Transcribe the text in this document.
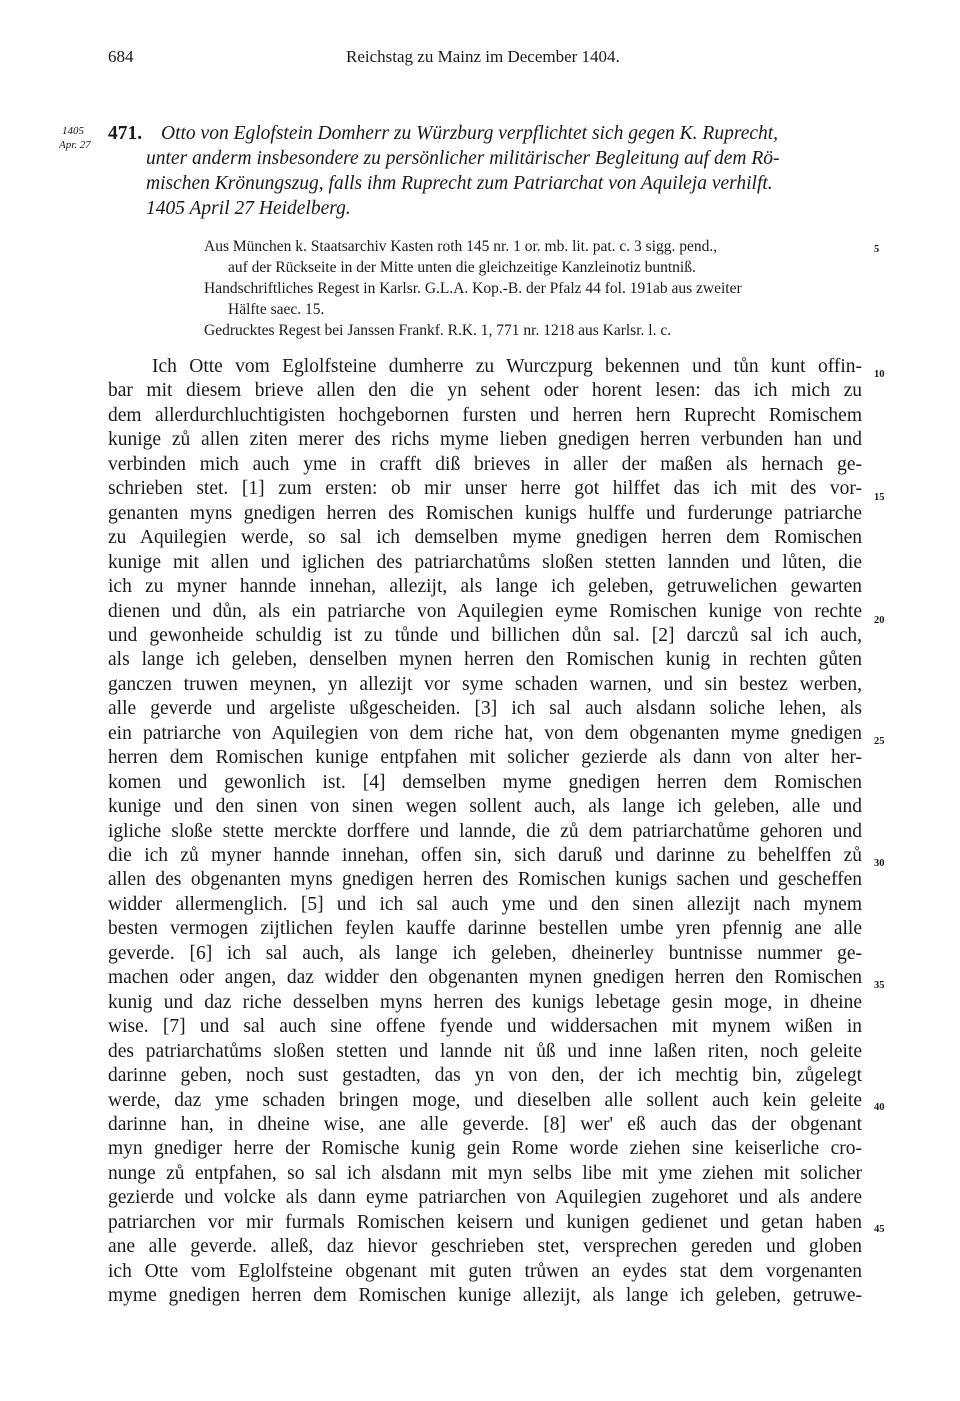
684	Reichstag zu Mainz im December 1404.
1405
Apr. 27
471. Otto von Eglofstein Domherr zu Würzburg verpflichtet sich gegen K. Ruprecht,
unter anderm insbesondere zu persönlicher militärischer Begleitung auf dem Rö-
mischen Krönungszug, falls ihm Ruprecht zum Patriarchat von Aquileja verhilft.
1405 April 27 Heidelberg.
Aus München k. Staatsarchiv Kasten roth 145 nr. 1 or. mb. lit. pat. c. 3 sigg. pend.,
auf der Rückseite in der Mitte unten die gleichzeitige Kanzleinotiz buntniß.
Handschriftliches Regest in Karlsr. G.L.A. Kop.-B. der Pfalz 44 fol. 191ab aus zweiter
Hälfte saec. 15.
Gedrucktes Regest bei Janssen Frankf. R.K. 1, 771 nr. 1218 aus Karlsr. l. c.
Ich Otte vom Eglolfsteine dumherre zu Wurczpurg bekennen und tůn kunt offin-
bar mit diesem brieve allen den die yn sehent oder horent lesen: das ich mich zu
dem allerdurchluchtigisten hochgebornen fursten und herren hern Ruprecht Romischem
kunige zů allen ziten merer des richs myme lieben gnedigen herren verbunden han und
verbinden mich auch yme in crafft diß brieves in aller der maßen als hernach ge-
schrieben stet. [1] zum ersten: ob mir unser herre got hilffet das ich mit des vor-
genanten myns gnedigen herren des Romischen kunigs hulffe und furderunge patriarche
zu Aquilegien werde, so sal ich demselben myme gnedigen herren dem Romischen
kunige mit allen und iglichen des patriarchatůms sloßen stetten lannden und lůten, die
ich zu myner hannde innehan, allezijt, als lange ich geleben, getruwelichen gewarten
dienen und důn, als ein patriarche von Aquilegien eyme Romischen kunige von rechte
und gewonheide schuldig ist zu tůnde und billichen důn sal. [2] darczů sal ich auch,
als lange ich geleben, denselben mynen herren den Romischen kunig in rechten gůten
ganczen truwen meynen, yn allezijt vor syme schaden warnen, und sin bestez werben,
alle geverde und argeliste ußgescheiden. [3] ich sal auch alsdann soliche lehen, als
ein patriarche von Aquilegien von dem riche hat, von dem obgenanten myme gnedigen
herren dem Romischen kunige entpfahen mit solicher gezierde als dann von alter her-
komen und gewonlich ist. [4] demselben myme gnedigen herren dem Romischen
kunige und den sinen von sinen wegen sollent auch, als lange ich geleben, alle und
igliche sloße stette merckte dorffere und lannde, die zů dem patriarchatůme gehoren und
die ich zů myner hannde innehan, offen sin, sich daruß und darinne zu behelffen zů
allen des obgenanten myns gnedigen herren des Romischen kunigs sachen und gescheffen
widder allermenglich. [5] und ich sal auch yme und den sinen allezijt nach mynem
besten vermogen zijtlichen feylen kauffe darinne bestellen umbe yren pfennig ane alle
geverde. [6] ich sal auch, als lange ich geleben, dheinerley buntnisse nummer ge-
machen oder angen, daz widder den obgenanten mynen gnedigen herren den Romischen
kunig und daz riche desselben myns herren des kunigs lebetage gesin moge, in dheine
wise. [7] und sal auch sine offene fyende und widdersachen mit mynem wißen in
des patriarchatůms sloßen stetten und lannde nit ůß und inne laßen riten, noch geleite
darinne geben, noch sust gestadten, das yn von den, der ich mechtig bin, zůgelegt
werde, daz yme schaden bringen moge, und dieselben alle sollent auch kein geleite
darinne han, in dheine wise, ane alle geverde. [8] wer' eß auch das der obgenant
myn gnediger herre der Romische kunig gein Rome worde ziehen sine keiserliche cro-
nunge zů entpfahen, so sal ich alsdann mit myn selbs libe mit yme ziehen mit solicher
gezierde und volcke als dann eyme patriarchen von Aquilegien zugehoret und als andere
patriarchen vor mir furmals Romischen keisern und kunigen gedienet und getan haben
ane alle geverde. alleß, daz hievor geschrieben stet, versprechen gereden und globen
ich Otte vom Eglolfsteine obgenant mit guten trůwen an eydes stat dem vorgenanten
myme gnedigen herren dem Romischen kunige allezijt, als lange ich geleben, getruwe-
5
10
15
20
25
30
35
40
45
